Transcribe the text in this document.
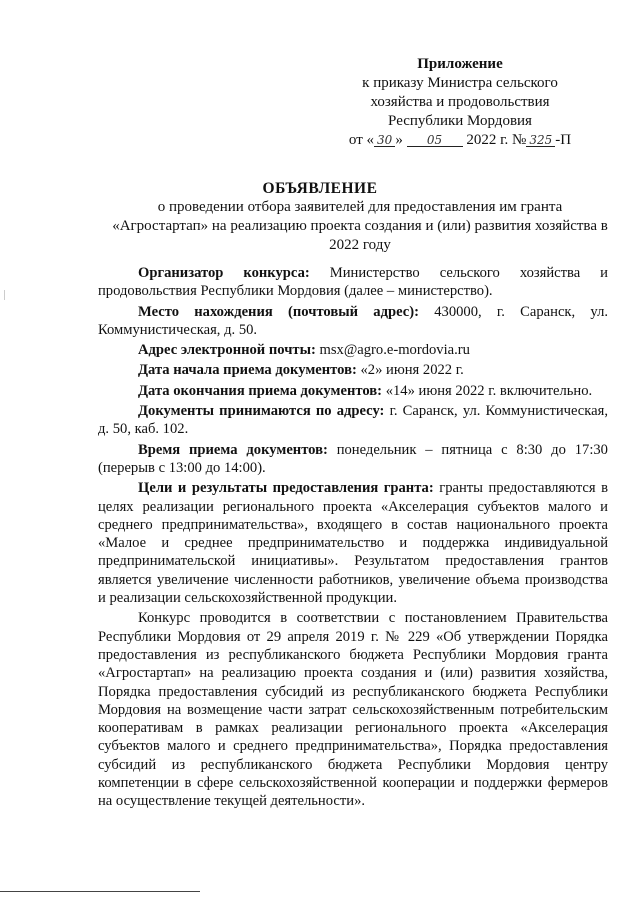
Приложение
к приказу Министра сельского
хозяйства и продовольствия
Республики Мордовия
от « 30 » 05 2022 г. № 325 -П
ОБЪЯВЛЕНИЕ
о проведении отбора заявителей для предоставления им гранта «Агростартап» на реализацию проекта создания и (или) развития хозяйства в 2022 году

Организатор конкурса: Министерство сельского хозяйства и продовольствия Республики Мордовия (далее – министерство).

Место нахождения (почтовый адрес): 430000, г. Саранск, ул. Коммунистическая, д. 50.

Адрес электронной почты: msx@agro.e-mordovia.ru

Дата начала приема документов: «2» июня 2022 г.

Дата окончания приема документов: «14» июня 2022 г. включительно.

Документы принимаются по адресу: г. Саранск, ул. Коммунистическая, д. 50, каб. 102.

Время приема документов: понедельник – пятница с 8:30 до 17:30 (перерыв с 13:00 до 14:00).

Цели и результаты предоставления гранта: гранты предоставляются в целях реализации регионального проекта «Акселерация субъектов малого и среднего предпринимательства», входящего в состав национального проекта «Малое и среднее предпринимательство и поддержка индивидуальной предпринимательской инициативы». Результатом предоставления грантов является увеличение численности работников, увеличение объема производства и реализации сельскохозяйственной продукции.

Конкурс проводится в соответствии с постановлением Правительства Республики Мордовия от 29 апреля 2019 г. № 229 «Об утверждении Порядка предоставления из республиканского бюджета Республики Мордовия гранта «Агростартап» на реализацию проекта создания и (или) развития хозяйства, Порядка предоставления субсидий из республиканского бюджета Республики Мордовия на возмещение части затрат сельскохозяйственным потребительским кооперативам в рамках реализации регионального проекта «Акселерация субъектов малого и среднего предпринимательства», Порядка предоставления субсидий из республиканского бюджета Республики Мордовия центру компетенции в сфере сельскохозяйственной кооперации и поддержки фермеров на осуществление текущей деятельности».
